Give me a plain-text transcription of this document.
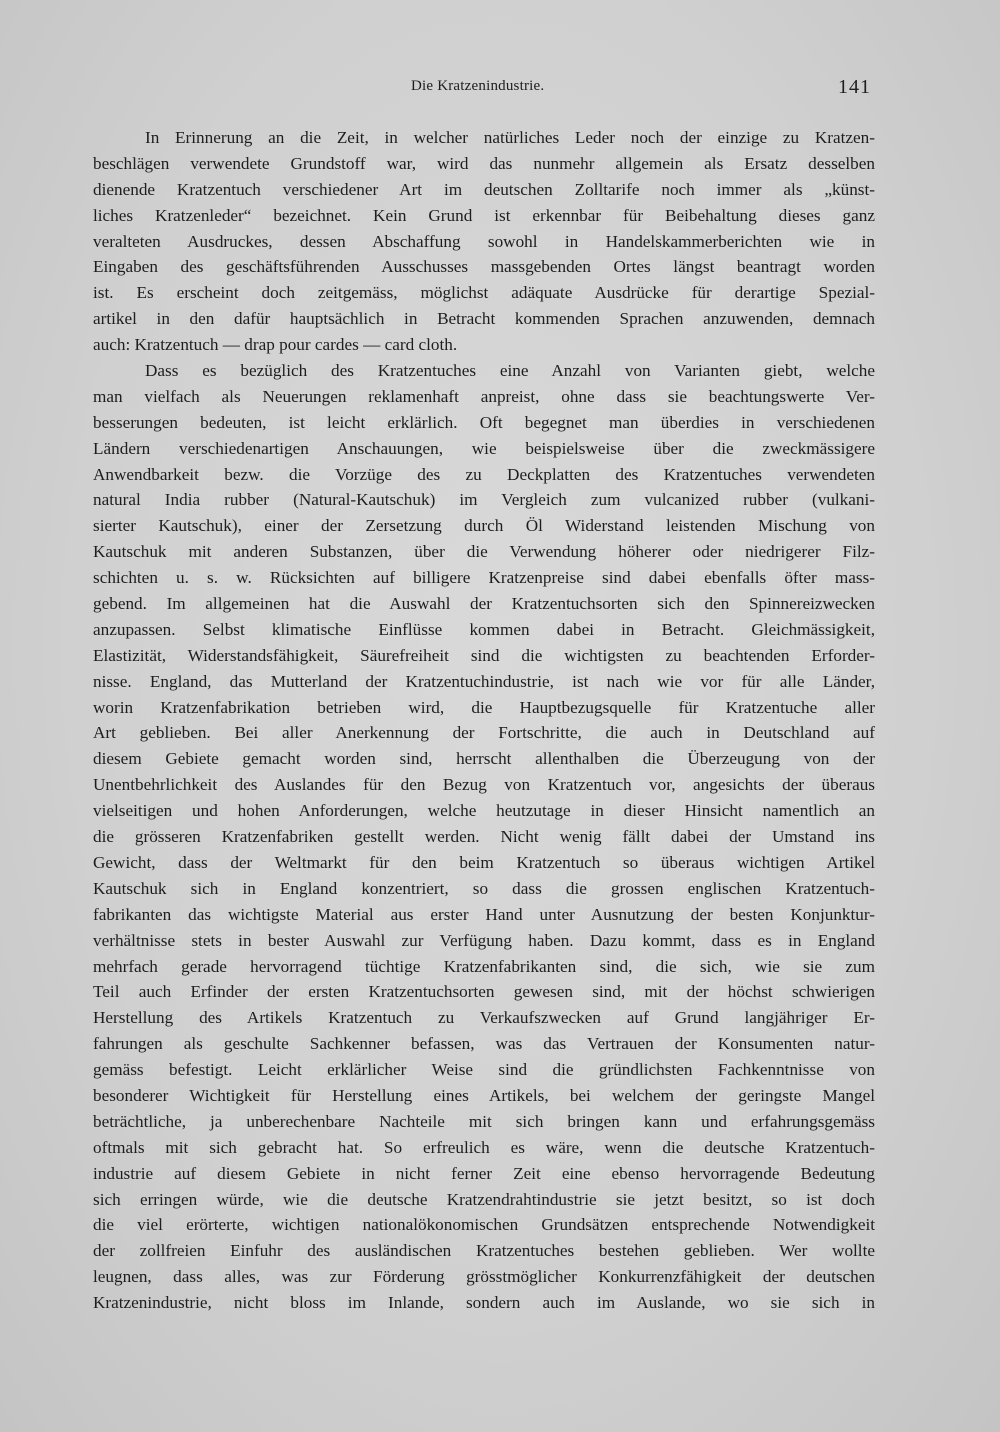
Die Kratzenindustrie.	141
In Erinnerung an die Zeit, in welcher natürliches Leder noch der einzige zu Kratzen-
beschlägen verwendete Grundstoff war, wird das nunmehr allgemein als Ersatz desselben
dienende Kratzentuch verschiedener Art im deutschen Zolltarife noch immer als „künst-
liches Kratzenleder“ bezeichnet. Kein Grund ist erkennbar für Beibehaltung dieses ganz
veralteten Ausdruckes, dessen Abschaffung sowohl in Handelskammerberichten wie in
Eingaben des geschäftsführenden Ausschusses massgebenden Ortes längst beantragt worden
ist. Es erscheint doch zeitgemäss, möglichst adäquate Ausdrücke für derartige Spezial-
artikel in den dafür hauptsächlich in Betracht kommenden Sprachen anzuwenden, demnach
auch: Kratzentuch — drap pour cardes — card cloth.
Dass es bezüglich des Kratzentuches eine Anzahl von Varianten giebt, welche
man vielfach als Neuerungen reklamenhaft anpreist, ohne dass sie beachtungswerte Ver-
besserungen bedeuten, ist leicht erklärlich. Oft begegnet man überdies in verschiedenen
Ländern verschiedenartigen Anschauungen, wie beispielsweise über die zweckmässigere
Anwendbarkeit bezw. die Vorzüge des zu Deckplatten des Kratzentuches verwendeten
natural India rubber (Natural-Kautschuk) im Vergleich zum vulcanized rubber (vulkani-
sierter Kautschuk), einer der Zersetzung durch Öl Widerstand leistenden Mischung von
Kautschuk mit anderen Substanzen, über die Verwendung höherer oder niedrigerer Filz-
schichten u. s. w. Rücksichten auf billigere Kratzenpreise sind dabei ebenfalls öfter mass-
gebend. Im allgemeinen hat die Auswahl der Kratzentuchsorten sich den Spinnereizwecken
anzupassen. Selbst klimatische Einflüsse kommen dabei in Betracht. Gleichmässigkeit,
Elastizität, Widerstandsfähigkeit, Säurefreiheit sind die wichtigsten zu beachtenden Erforder-
nisse. England, das Mutterland der Kratzentuchindustrie, ist nach wie vor für alle Länder,
worin Kratzenfabrikation betrieben wird, die Hauptbezugsquelle für Kratzentuche aller
Art geblieben. Bei aller Anerkennung der Fortschritte, die auch in Deutschland auf
diesem Gebiete gemacht worden sind, herrscht allenthalben die Überzeugung von der
Unentbehrlichkeit des Auslandes für den Bezug von Kratzentuch vor, angesichts der überaus
vielseitigen und hohen Anforderungen, welche heutzutage in dieser Hinsicht namentlich an
die grösseren Kratzenfabriken gestellt werden. Nicht wenig fällt dabei der Umstand ins
Gewicht, dass der Weltmarkt für den beim Kratzentuch so überaus wichtigen Artikel
Kautschuk sich in England konzentriert, so dass die grossen englischen Kratzentuch-
fabrikanten das wichtigste Material aus erster Hand unter Ausnutzung der besten Konjunktur-
verhältnisse stets in bester Auswahl zur Verfügung haben. Dazu kommt, dass es in England
mehrfach gerade hervorragend tüchtige Kratzenfabrikanten sind, die sich, wie sie zum
Teil auch Erfinder der ersten Kratzentuchsorten gewesen sind, mit der höchst schwierigen
Herstellung des Artikels Kratzentuch zu Verkaufszwecken auf Grund langjähriger Er-
fahrungen als geschulte Sachkenner befassen, was das Vertrauen der Konsumenten natur-
gemäss befestigt. Leicht erklärlicher Weise sind die gründlichsten Fachkenntnisse von
besonderer Wichtigkeit für Herstellung eines Artikels, bei welchem der geringste Mangel
beträchtliche, ja unberechenbare Nachteile mit sich bringen kann und erfahrungsgemäss
oftmals mit sich gebracht hat. So erfreulich es wäre, wenn die deutsche Kratzentuch-
industrie auf diesem Gebiete in nicht ferner Zeit eine ebenso hervorragende Bedeutung
sich erringen würde, wie die deutsche Kratzendrahtindustrie sie jetzt besitzt, so ist doch
die viel erörterte, wichtigen nationalökonomischen Grundsätzen entsprechende Notwendigkeit
der zollfreien Einfuhr des ausländischen Kratzentuches bestehen geblieben. Wer wollte
leugnen, dass alles, was zur Förderung grösstmöglicher Konkurrenzfähigkeit der deutschen
Kratzenindustrie, nicht bloss im Inlande, sondern auch im Auslande, wo sie sich in
